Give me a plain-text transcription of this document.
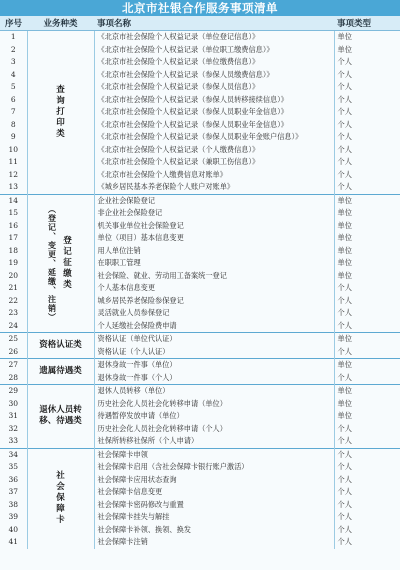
北京市社银合作服务事项清单
序号	业务种类	事项名称	事项类型
1	查询打印类	《北京市社会保险个人权益记录（单位登记信息）》	单位
2		《北京市社会保险个人权益记录（单位职工缴费信息）》	单位
3		《北京市社会保险个人权益记录（单位缴费信息）》	个人
4		《北京市社会保险个人权益记录（参保人员缴费信息）》	个人
5		《北京市社会保险个人权益记录（参保人员信息）》	个人
6		《北京市社会保险个人权益记录（参保人员转移接续信息）》	个人
7		《北京市社会保险个人权益记录（参保人员职业年金信息）》	个人
8		《北京市社会保险个人权益记录（参保人员职业年金信息）》	个人
9		《北京市社会保险个人权益记录（参保人员职业年金账户信息）》	个人
10		《北京市社会保险个人权益记录（个人缴费信息）》	个人
11		《北京市社会保险个人权益记录（兼职工伤信息）》	个人
12		《北京市社会保险个人缴费信息对账单》	个人
13		《城乡居民基本养老保险个人账户对账单》	个人
14	（登记、变更、延缴、注销） 登记征缴类	企业社会保险登记	单位
15		非企业社会保险登记	单位
16		机关事业单位社会保险登记	单位
17		单位（项目）基本信息变更	单位
18		用人单位注销	单位
19		在职职工管理	单位
20		社会保险、就业、劳动用工备案统一登记	单位
21		个人基本信息变更	个人
22		城乡居民养老保险参保登记	个人
23		灵活就业人员参保登记	个人
24		个人延缴社会保险费申请	个人
25	资格认证类	资格认证（单位代认证）	单位
26		资格认证（个人认证）	个人
27	遗属待遇类	退休身故一件事（单位）	单位
28		退休身故一件事（个人）	个人
29	退休人员转移、待遇类	退休人员转移（单位）	单位
30		历史社会化人员社会化转移申请（单位）	单位
31		待遇暂停发放申请（单位）	单位
32		历史社会化人员社会化转移申请（个人）	个人
33		社保所转移社保所（个人申请）	个人
34	社会保障卡	社会保障卡申领	个人
35		社会保障卡启用（含社会保障卡银行账户激活）	个人
36		社会保障卡应用状态查询	个人
37		社会保障卡信息变更	个人
38		社会保障卡密码修改与重置	个人
39		社会保障卡挂失与解挂	个人
40		社会保障卡补领、换领、换发	个人
41		社会保障卡注销	个人
